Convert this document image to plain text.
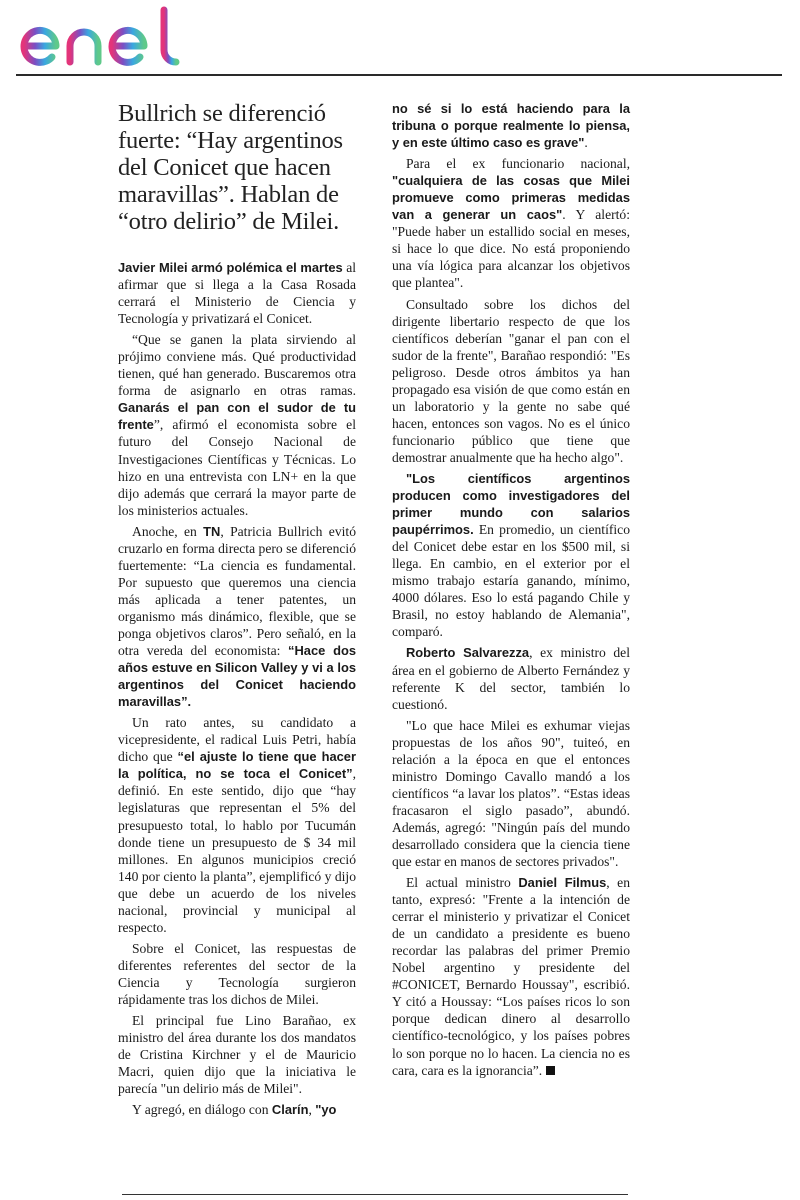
Bullrich se diferenció fuerte: “Hay argentinos del Conicet que hacen maravillas”. Hablan de “otro delirio” de Milei.

Javier Milei armó polémica el martes al afirmar que si llega a la Casa Rosada cerrará el Ministerio de Ciencia y Tecnología y privatizará el Conicet.

“Que se ganen la plata sirviendo al prójimo conviene más. Qué productividad tienen, qué han generado. Buscaremos otra forma de asignarlo en otras ramas. Ganarás el pan con el sudor de tu frente”, afirmó el economista sobre el futuro del Consejo Nacional de Investigaciones Científicas y Técnicas. Lo hizo en una entrevista con LN+ en la que dijo además que cerrará la mayor parte de los ministerios actuales.

Anoche, en TN, Patricia Bullrich evitó cruzarlo en forma directa pero se diferenció fuertemente: “La ciencia es fundamental. Por supuesto que queremos una ciencia más aplicada a tener patentes, un organismo más dinámico, flexible, que se ponga objetivos claros”. Pero señaló, en la otra vereda del economista: “Hace dos años estuve en Silicon Valley y vi a los argentinos del Conicet haciendo maravillas”.

Un rato antes, su candidato a vicepresidente, el radical Luis Petri, había dicho que “el ajuste lo tiene que hacer la política, no se toca el Conicet”, definió. En este sentido, dijo que “hay legislaturas que representan el 5% del presupuesto total, lo hablo por Tucumán donde tiene un presupuesto de $ 34 mil millones. En algunos municipios creció 140 por ciento la planta”, ejemplificó y dijo que debe un acuerdo de los niveles nacional, provincial y municipal al respecto.

Sobre el Conicet, las respuestas de diferentes referentes del sector de la Ciencia y Tecnología surgieron rápidamente tras los dichos de Milei.

El principal fue Lino Barañao, ex ministro del área durante los dos mandatos de Cristina Kirchner y el de Mauricio Macri, quien dijo que la iniciativa le parecía "un delirio más de Milei".

Y agregó, en diálogo con Clarín, "yo

no sé si lo está haciendo para la tribuna o porque realmente lo piensa, y en este último caso es grave".

Para el ex funcionario nacional, "cualquiera de las cosas que Milei promueve como primeras medidas van a generar un caos". Y alertó: "Puede haber un estallido social en meses, si hace lo que dice. No está proponiendo una vía lógica para alcanzar los objetivos que plantea".

Consultado sobre los dichos del dirigente libertario respecto de que los científicos deberían "ganar el pan con el sudor de la frente", Barañao respondió: "Es peligroso. Desde otros ámbitos ya han propagado esa visión de que como están en un laboratorio y la gente no sabe qué hacen, entonces son vagos. No es el único funcionario público que tiene que demostrar anualmente que ha hecho algo".

"Los científicos argentinos producen como investigadores del primer mundo con salarios paupérrimos. En promedio, un científico del Conicet debe estar en los $500 mil, si llega. En cambio, en el exterior por el mismo trabajo estaría ganando, mínimo, 4000 dólares. Eso lo está pagando Chile y Brasil, no estoy hablando de Alemania", comparó.

Roberto Salvarezza, ex ministro del área en el gobierno de Alberto Fernández y referente K del sector, también lo cuestionó.

"Lo que hace Milei es exhumar viejas propuestas de los años 90", tuiteó, en relación a la época en que el entonces ministro Domingo Cavallo mandó a los científicos “a lavar los platos”. “Estas ideas fracasaron el siglo pasado”, abundó. Además, agregó: "Ningún país del mundo desarrollado considera que la ciencia tiene que estar en manos de sectores privados".

El actual ministro Daniel Filmus, en tanto, expresó: "Frente a la intención de cerrar el ministerio y privatizar el Conicet de un candidato a presidente es bueno recordar las palabras del primer Premio Nobel argentino y presidente del #CONICET, Bernardo Houssay", escribió. Y citó a Houssay: “Los países ricos lo son porque dedican dinero al desarrollo científico-tecnológico, y los países pobres lo son porque no lo hacen. La ciencia no es cara, cara es la ignorancia”.
